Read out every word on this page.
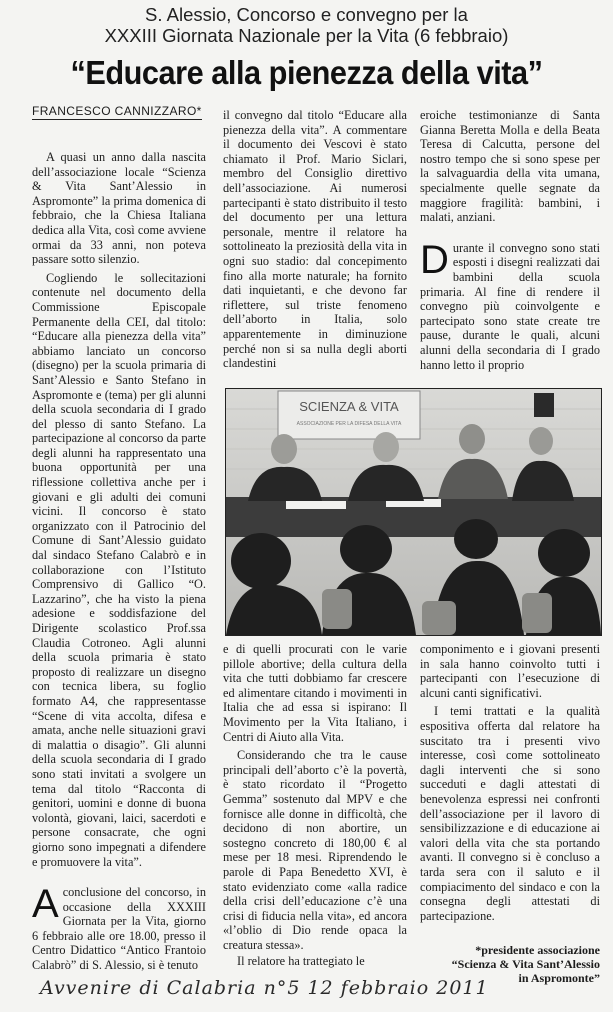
S. Alessio, Concorso e convegno per la
XXXIII Giornata Nazionale per la Vita (6 febbraio)
“Educare alla pienezza della vita”
FRANCESCO CANNIZZARO*

A quasi un anno dalla nascita dell’associazione locale “Scienza & Vita Sant’Alessio in Aspromonte” la prima domenica di febbraio, che la Chiesa Italiana dedica alla Vita, così come avviene ormai da 33 anni, non poteva passare sotto silenzio.

Cogliendo le sollecitazioni contenute nel documento della Commissione Episcopale Permanente della CEI, dal titolo: “Educare alla pienezza della vita” abbiamo lanciato un concorso (disegno) per la scuola primaria di Sant’Alessio e Santo Stefano in Aspromonte e (tema) per gli alunni della scuola secondaria di I grado del plesso di santo Stefano. La partecipazione al concorso da parte degli alunni ha rappresentato una buona opportunità per una riflessione collettiva anche per i giovani e gli adulti dei comuni vicini. Il concorso è stato organizzato con il Patrocinio del Comune di Sant’Alessio guidato dal sindaco Stefano Calabrò e in collaborazione con l’Istituto Comprensivo di Gallico “O. Lazzarino”, che ha visto la piena adesione e soddisfazione del Dirigente scolastico Prof.ssa Claudia Cotroneo. Agli alunni della scuola primaria è stato proposto di realizzare un disegno con tecnica libera, su foglio formato A4, che rappresentasse “Scene di vita accolta, difesa e amata, anche nelle situazioni gravi di malattia o disagio”. Gli alunni della scuola secondaria di I grado sono stati invitati a svolgere un tema dal titolo “Racconta di genitori, uomini e donne di buona volontà, giovani, laici, sacerdoti e persone consacrate, che ogni giorno sono impegnati a difendere e promuovere la vita”.

Aconclusione del concorso, in occasione della XXXIII Giornata per la Vita, giorno 6 febbraio alle ore 18.00, presso il Centro Didattico “Antico Frantoio Calabrò” di S. Alessio, si è tenuto

il convegno dal titolo “Educare alla pienezza della vita”. A commentare il documento dei Vescovi è stato chiamato il Prof. Mario Siclari, membro del Consiglio direttivo dell’associazione. Ai numerosi partecipanti è stato distribuito il testo del documento per una lettura personale, mentre il relatore ha sottolineato la preziosità della vita in ogni suo stadio: dal concepimento fino alla morte naturale; ha fornito dati inquietanti, e che devono far riflettere, sul triste fenomeno dell’aborto in Italia, solo apparentemente in diminuzione perché non si sa nulla degli aborti clandestini

eroiche testimonianze di Santa Gianna Beretta Molla e della Beata Teresa di Calcutta, persone del nostro tempo che si sono spese per la salvaguardia della vita umana, specialmente quelle segnate da maggiore fragilità: bambini, i malati, anziani.

Durante il convegno sono stati esposti i disegni realizzati dai bambini della scuola primaria. Al fine di rendere il convegno più coinvolgente e partecipato sono state create tre pause, durante le quali, alcuni alunni della secondaria di I grado hanno letto il proprio

SCIENZA & VITA
ASSOCIAZIONE PER LA DIFESA DELLA VITA

e di quelli procurati con le varie pillole abortive; della cultura della vita che tutti dobbiamo far crescere ed alimentare citando i movimenti in Italia che ad essa si ispirano: Il Movimento per la Vita Italiano, i Centri di Aiuto alla Vita.

Considerando che tra le cause principali dell’aborto c’è la povertà, è stato ricordato il “Progetto Gemma” sostenuto dal MPV e che fornisce alle donne in difficoltà, che decidono di non abortire, un sostegno concreto di 180,00 € al mese per 18 mesi. Riprendendo le parole di Papa Benedetto XVI, è stato evidenziato come «alla radice della crisi dell’educazione c’è una crisi di fiducia nella vita», ed ancora «l’oblio di Dio rende opaca la creatura stessa».

Il relatore ha trattegiato le

componimento e i giovani presenti in sala hanno coinvolto tutti i partecipanti con l’esecuzione di alcuni canti significativi.

I temi trattati e la qualità espositiva offerta dal relatore ha suscitato tra i presenti vivo interesse, così come sottolineato dagli interventi che si sono succeduti e dagli attestati di benevolenza espressi nei confronti dell’associazione per il lavoro di sensibilizzazione e di educazione ai valori della vita che sta portando avanti. Il convegno si è concluso a tarda sera con il saluto e il compiacimento del sindaco e con la consegna degli attestati di partecipazione.

*presidente associazione
“Scienza & Vita Sant’Alessio
in Aspromonte”
Avvenire di Calabria n°5 12 febbraio 2011
